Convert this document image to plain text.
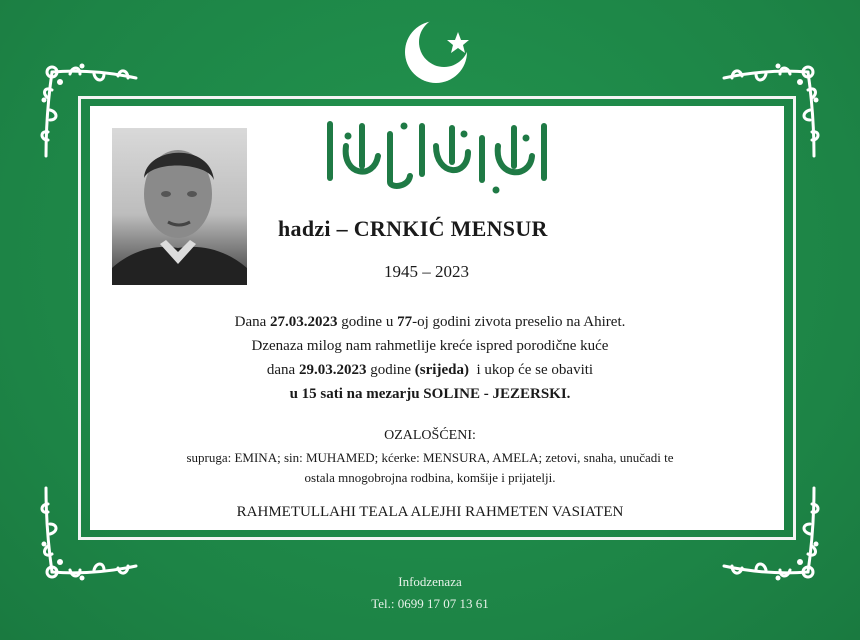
hadzi – CRNKIĆ MENSUR
1945 – 2023
Dana 27.03.2023 godine u 77-oj godini zivota preselio na Ahiret.
Dzenaza milog nam rahmetlije kreće ispred porodične kuće
dana 29.03.2023 godine (srijeda)  i ukop će se obaviti
u 15 sati na mezarju SOLINE - JEZERSKI.
OZALOŠĆENI:
supruga: EMINA; sin: MUHAMED; kćerke: MENSURA, AMELA; zetovi, snaha, unučadi te
ostala mnogobrojna rodbina, komšije i prijatelji.
RAHMETULLAHI TEALA ALEJHI RAHMETEN VASIATEN
Infodzenaza
Tel.: 0699 17 07 13 61
